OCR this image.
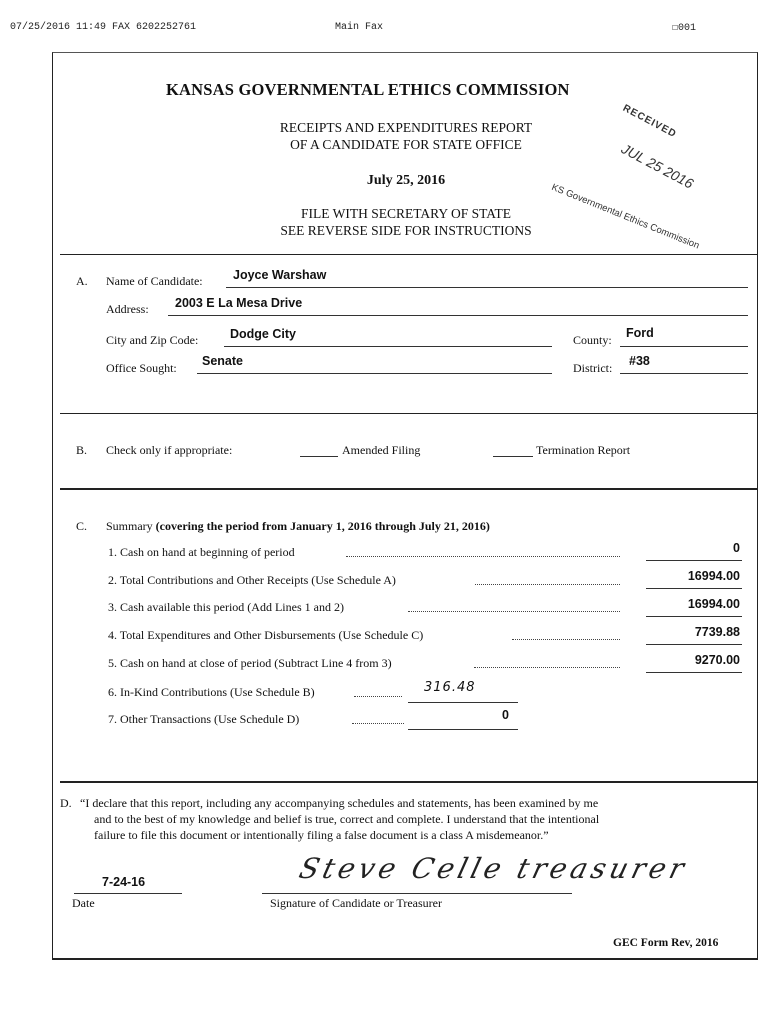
07/25/2016 11:49 FAX 6202252761	Main Fax	☐001
KANSAS GOVERNMENTAL ETHICS COMMISSION
RECEIPTS AND EXPENDITURES REPORT
OF A CANDIDATE FOR STATE OFFICE
July 25, 2016
FILE WITH SECRETARY OF STATE
SEE REVERSE SIDE FOR INSTRUCTIONS
RECEIVED
JUL 25 2016
KS Governmental Ethics Commission
A. Name of Candidate: Joyce Warshaw
Address: 2003 E La Mesa Drive
City and Zip Code:	Dodge City	County: Ford
Office Sought: Senate	District: #38
B. Check only if appropriate:	Amended Filing	Termination Report
C. Summary (covering the period from January 1, 2016 through July 21, 2016)
1. Cash on hand at beginning of period	0
2. Total Contributions and Other Receipts (Use Schedule A)	16994.00
3. Cash available this period (Add Lines 1 and 2)	16994.00
4. Total Expenditures and Other Disbursements (Use Schedule C)	7739.88
5. Cash on hand at close of period (Subtract Line 4 from 3)	9270.00
6. In-Kind Contributions (Use Schedule B)	316.48
7. Other Transactions (Use Schedule D)	0
D. “I declare that this report, including any accompanying schedules and statements, has been examined by me
and to the best of my knowledge and belief is true, correct and complete. I understand that the intentional
failure to file this document or intentionally filing a false document is a class A misdemeanor.”
7-24-16
Date
Steve Celle treasurer
Signature of Candidate or Treasurer
GEC Form Rev, 2016
